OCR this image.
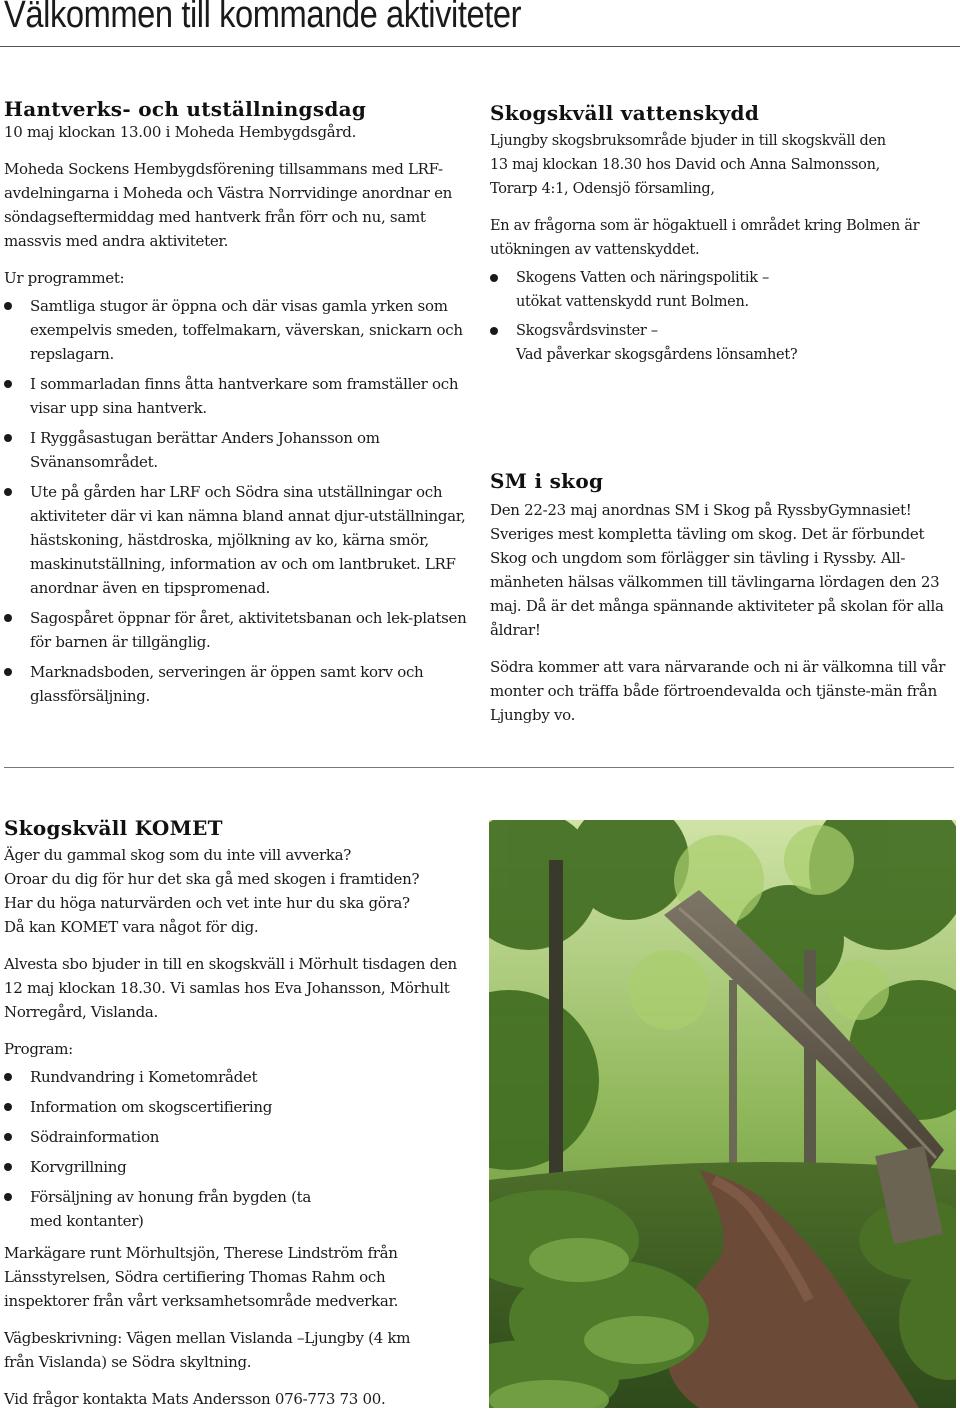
Välkommen till kommande aktiviteter
Hantverks- och utställningsdag

10 maj klockan 13.00 i Moheda Hembygdsgård.

Moheda Sockens Hembygdsförening tillsammans med LRF-avdelningarna i Moheda och Västra Norrvidinge anordnar en söndagseftermiddag med hantverk från förr och nu, samt massvis med andra aktiviteter.

Ur programmet:

Samtliga stugor är öppna och där visas gamla yrken som exempelvis smeden, toffelmakarn, väverskan, snickarn och repslagarn.
I sommarladan finns åtta hantverkare som framställer och visar upp sina hantverk.
I Ryggåsastugan berättar Anders Johansson om Svänansområdet.
Ute på gården har LRF och Södra sina utställningar och aktiviteter där vi kan nämna bland annat djur-utställningar, hästskoning, hästdroska, mjölkning av ko, kärna smör, maskinutställning, information av och om lantbruket. LRF anordnar även en tipspromenad.
Sagospåret öppnar för året, aktivitetsbanan och lek-platsen för barnen är tillgänglig.
Marknadsboden, serveringen är öppen samt korv och glassförsäljning.
Skogskväll vattenskydd

Ljungby skogsbruksområde bjuder in till skogskväll den
13 maj klockan 18.30 hos David och Anna Salmonsson,
Torarp 4:1, Odensjö församling,

En av frågorna som är högaktuell i området kring Bolmen är utökningen av vattenskyddet.

Skogens Vatten och näringspolitik –
utökat vattenskydd runt Bolmen.
Skogsvårdsvinster –
Vad påverkar skogsgårdens lönsamhet?
SM i skog

Den 22-23 maj anordnas SM i Skog på RyssbyGymnasiet! Sveriges mest kompletta tävling om skog. Det är förbundet Skog och ungdom som förlägger sin tävling i Ryssby. All-mänheten hälsas välkommen till tävlingarna lördagen den 23 maj. Då är det många spännande aktiviteter på skolan för alla åldrar!

Södra kommer att vara närvarande och ni är välkomna till vår monter och träffa både förtroendevalda och tjänste-män från Ljungby vo.

Skogskväll KOMET

Äger du gammal skog som du inte vill avverka?
Oroar du dig för hur det ska gå med skogen i framtiden?
Har du höga naturvärden och vet inte hur du ska göra?
Då kan KOMET vara något för dig.

Alvesta sbo bjuder in till en skogskväll i Mörhult tisdagen den 12 maj klockan 18.30. Vi samlas hos Eva Johansson, Mörhult Norregård, Vislanda.

Program:

Rundvandring i Kometområdet
Information om skogscertifiering
Södrainformation
Korvgrillning
Försäljning av honung från bygden (ta med kontanter)

Markägare runt Mörhultsjön, Therese Lindström från Länsstyrelsen, Södra certifiering Thomas Rahm och inspektorer från vårt verksamhetsområde medverkar.

Vägbeskrivning: Vägen mellan Vislanda –Ljungby (4 km från Vislanda) se Södra skyltning.

Vid frågor kontakta Mats Andersson 076-773 73 00.
